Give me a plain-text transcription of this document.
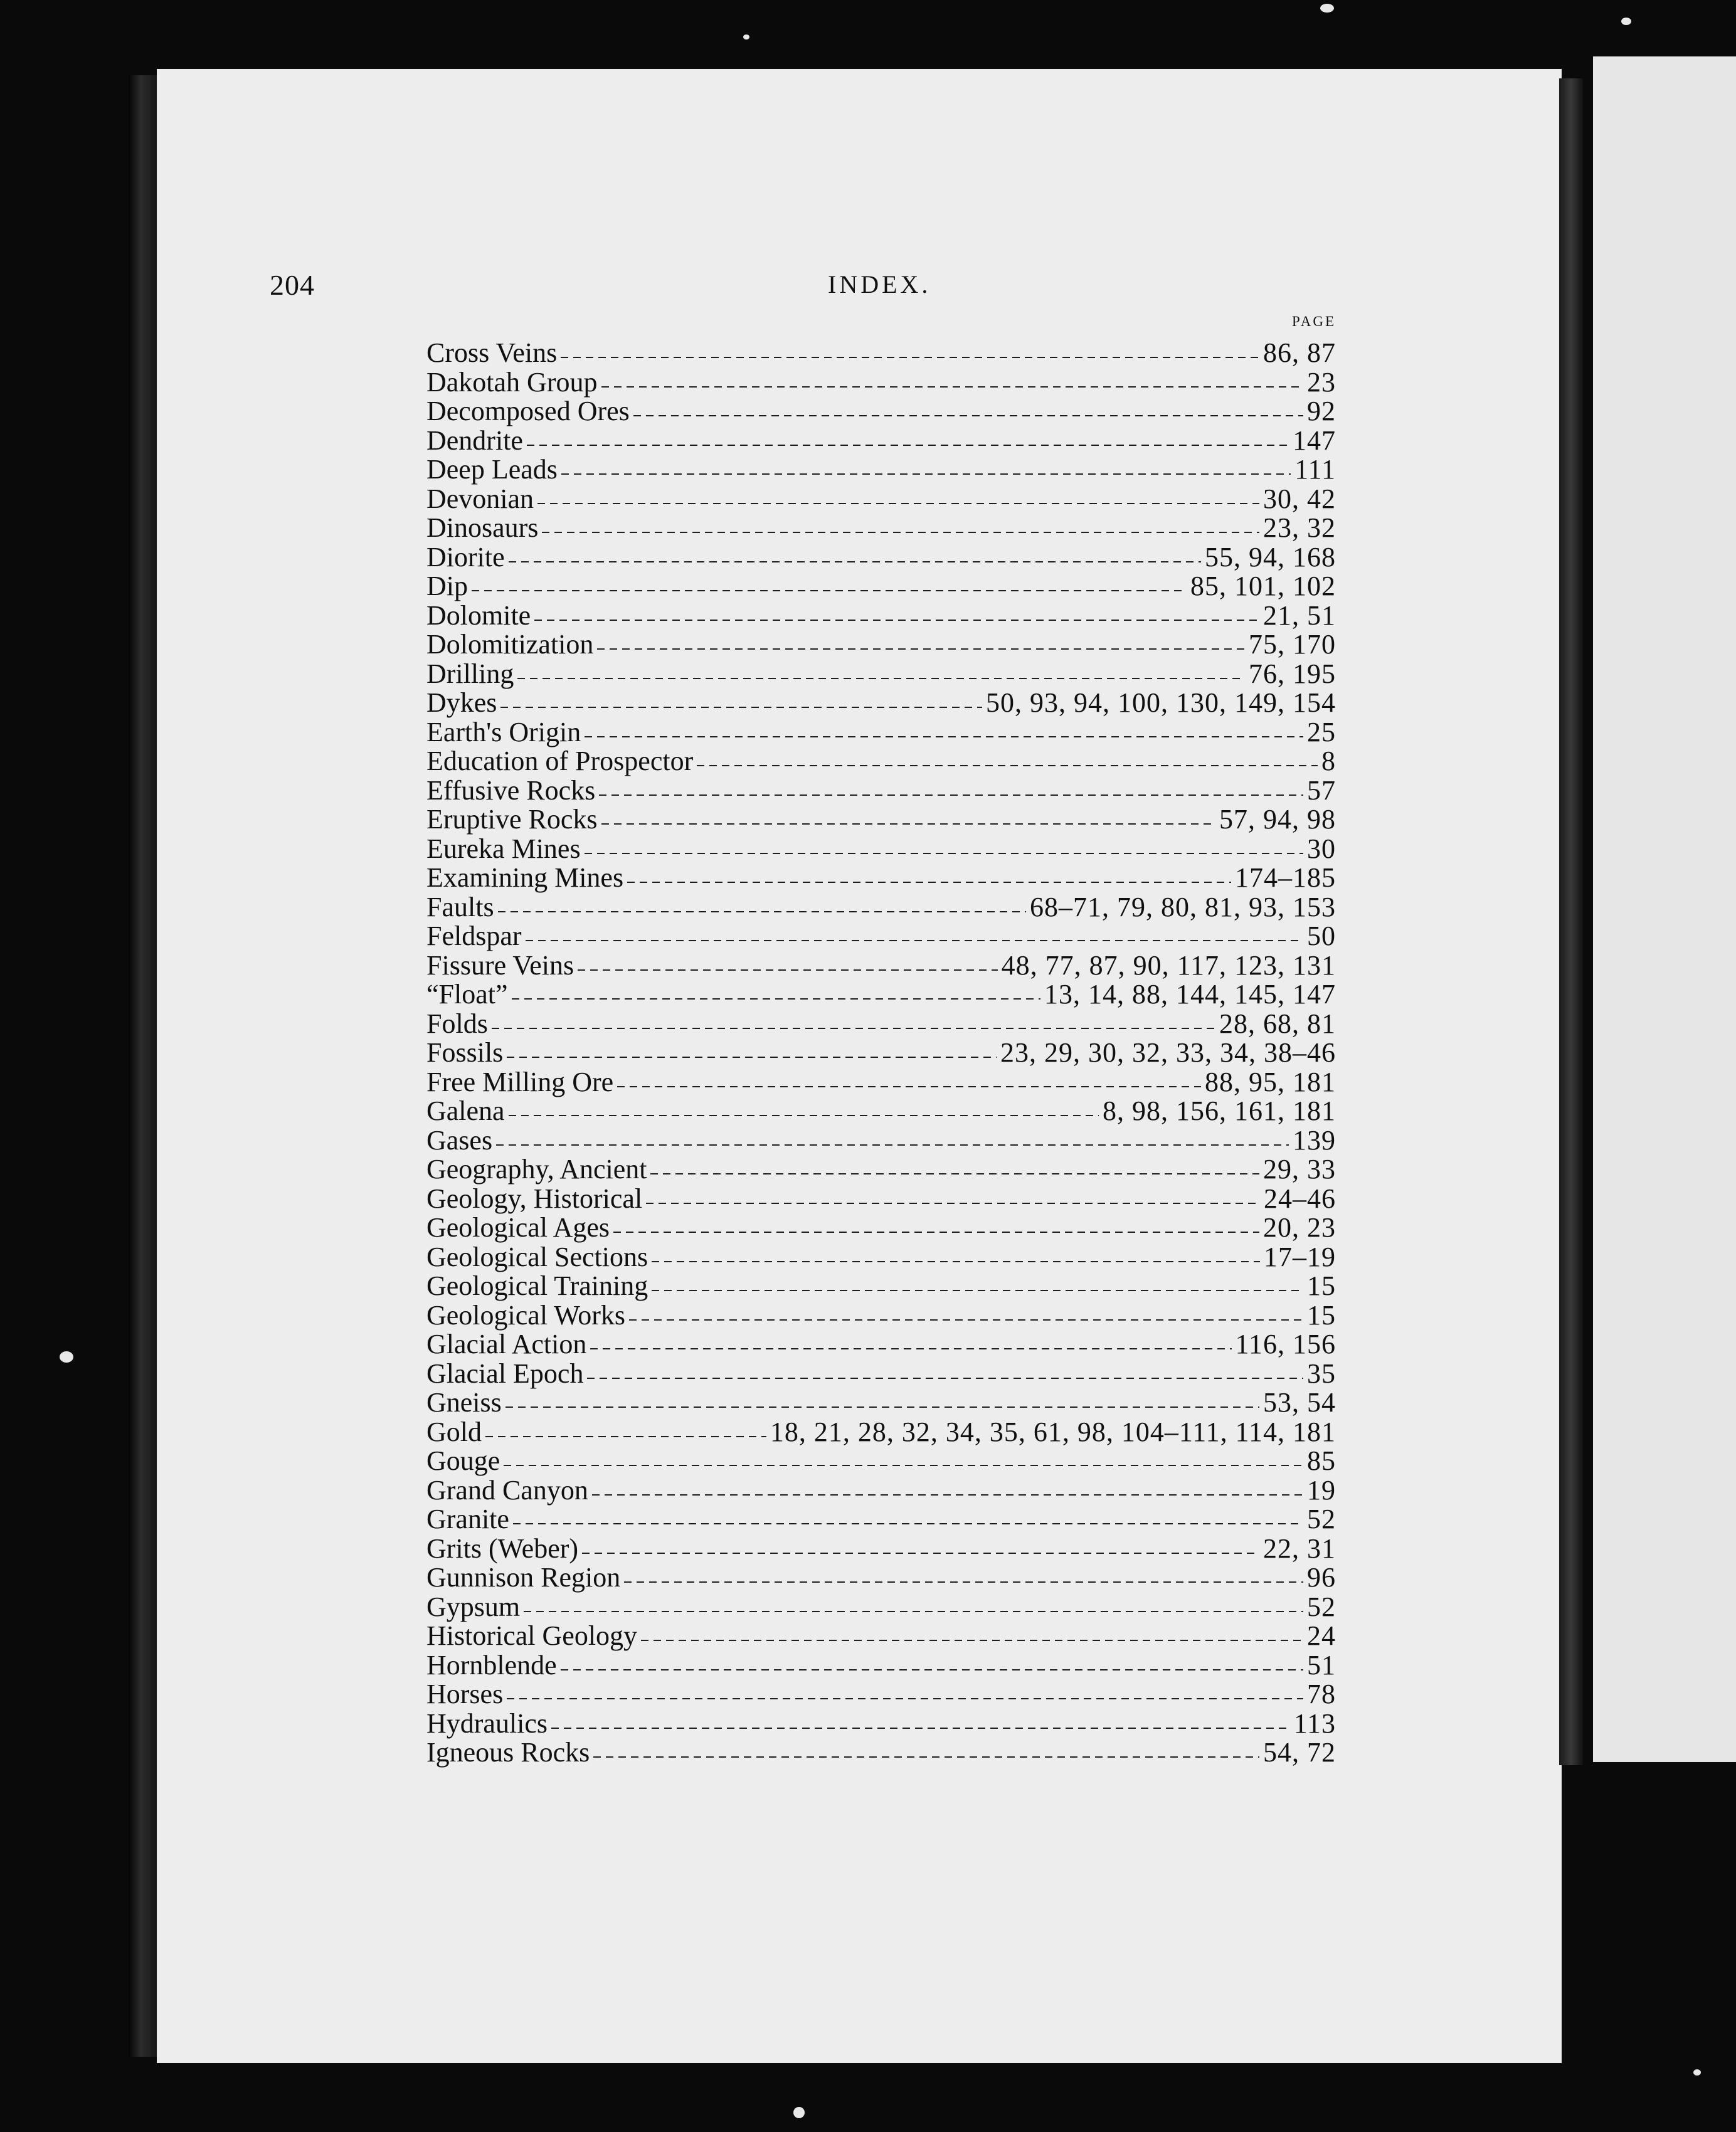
204	INDEX.
PAGE
Cross Veins	86, 87
Dakotah Group	23
Decomposed Ores	92
Dendrite	147
Deep Leads	111
Devonian	30, 42
Dinosaurs	23, 32
Diorite	55, 94, 168
Dip	85, 101, 102
Dolomite	21, 51
Dolomitization	75, 170
Drilling	76, 195
Dykes	50, 93, 94, 100, 130, 149, 154
Earth's Origin	25
Education of Prospector	8
Effusive Rocks	57
Eruptive Rocks	57, 94, 98
Eureka Mines	30
Examining Mines	174–185
Faults	68–71, 79, 80, 81, 93, 153
Feldspar	50
Fissure Veins	48, 77, 87, 90, 117, 123, 131
“Float”	13, 14, 88, 144, 145, 147
Folds	28, 68, 81
Fossils	23, 29, 30, 32, 33, 34, 38–46
Free Milling Ore	88, 95, 181
Galena	8, 98, 156, 161, 181
Gases	139
Geography, Ancient	29, 33
Geology, Historical	24–46
Geological Ages	20, 23
Geological Sections	17–19
Geological Training	15
Geological Works	15
Glacial Action	116, 156
Glacial Epoch	35
Gneiss	53, 54
Gold	18, 21, 28, 32, 34, 35, 61, 98, 104–111, 114, 181
Gouge	85
Grand Canyon	19
Granite	52
Grits (Weber)	22, 31
Gunnison Region	96
Gypsum	52
Historical Geology	24
Hornblende	51
Horses	78
Hydraulics	113
Igneous Rocks	54, 72
